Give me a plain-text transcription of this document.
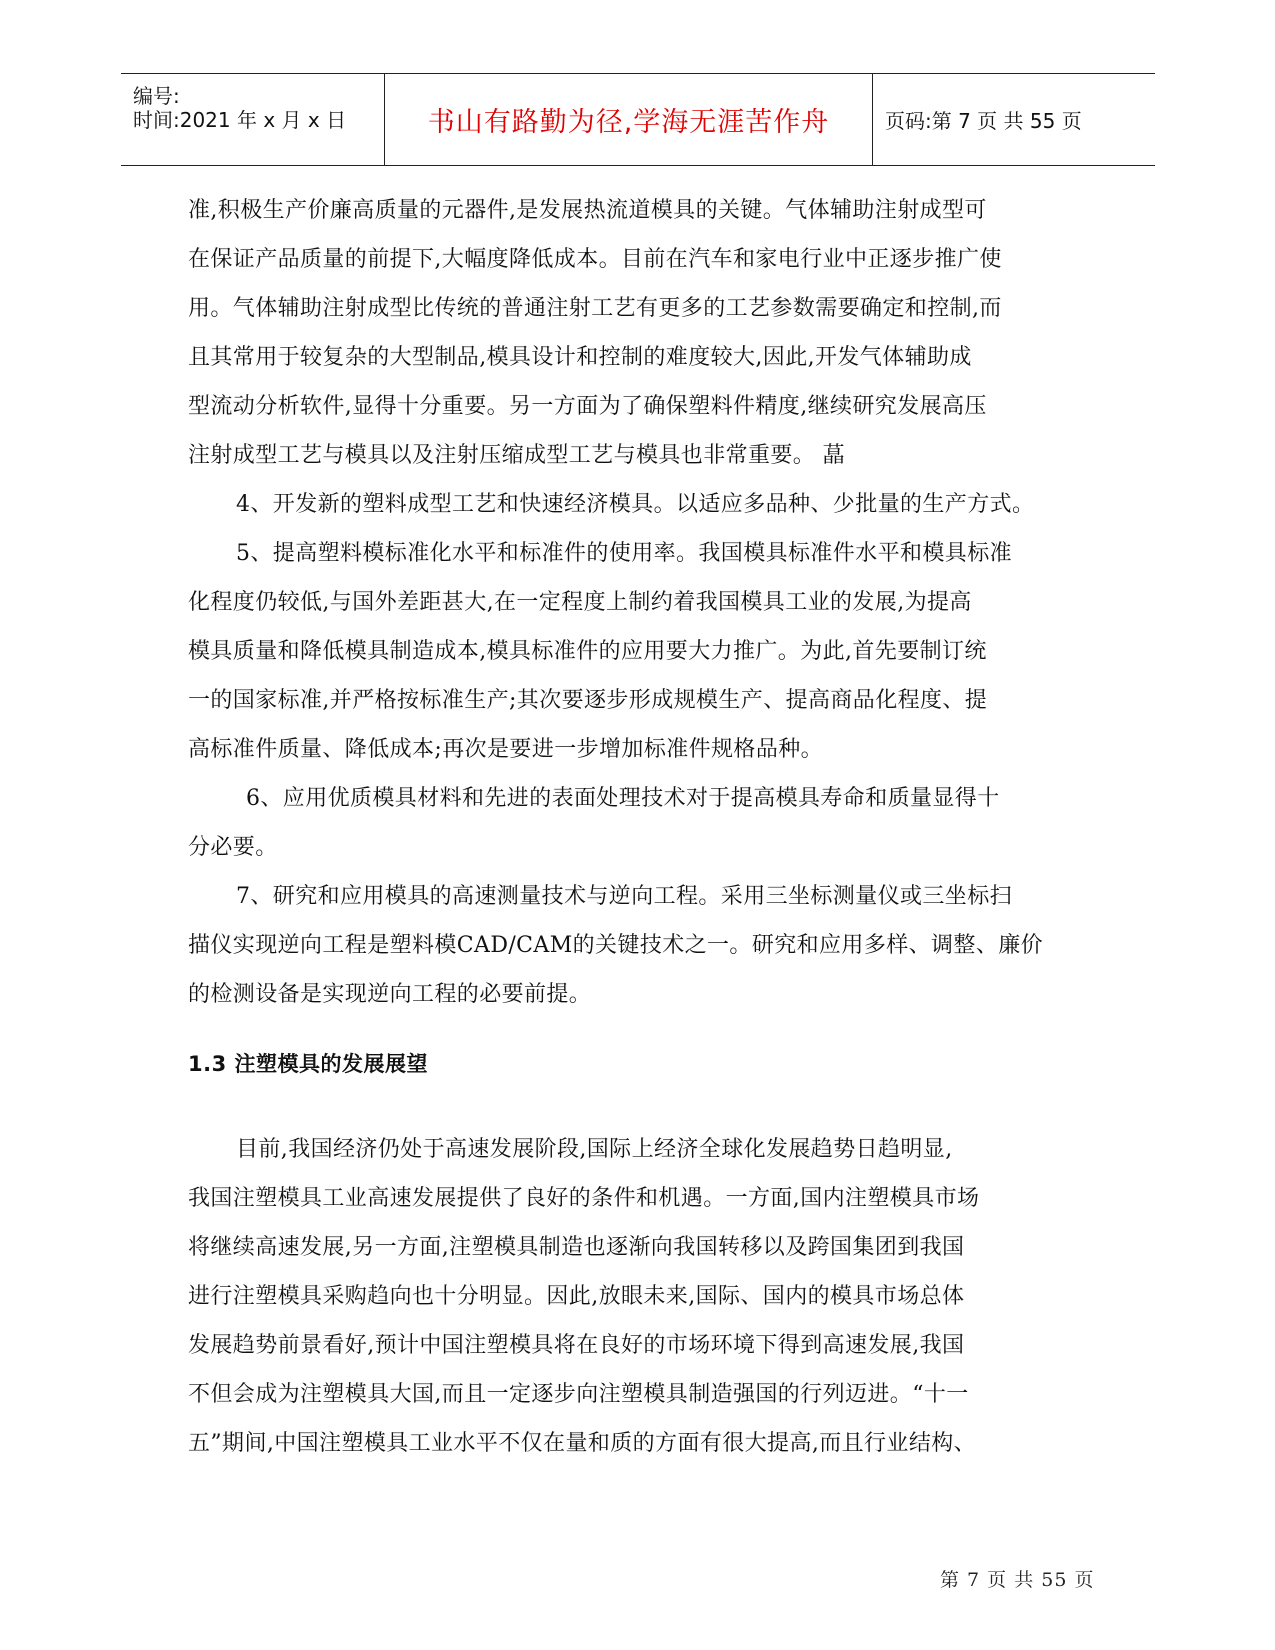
编号:
时间:2021 年 x 月 x 日	书山有路勤为径,学海无涯苦作舟	页码:第 7 页 共 55 页

准,积极生产价廉高质量的元器件,是发展热流道模具的关键。气体辅助注射成型可

在保证产品质量的前提下,大幅度降低成本。目前在汽车和家电行业中正逐步推广使

用。气体辅助注射成型比传统的普通注射工艺有更多的工艺参数需要确定和控制,而

且其常用于较复杂的大型制品,模具设计和控制的难度较大,因此,开发气体辅助成

型流动分析软件,显得十分重要。另一方面为了确保塑料件精度,继续研究发展高压

注射成型工艺与模具以及注射压缩成型工艺与模具也非常重要。 蕌

4、开发新的塑料成型工艺和快速经济模具。以适应多品种、少批量的生产方式。

5、提高塑料模标准化水平和标准件的使用率。我国模具标准件水平和模具标准

化程度仍较低,与国外差距甚大,在一定程度上制约着我国模具工业的发展,为提高

模具质量和降低模具制造成本,模具标准件的应用要大力推广。为此,首先要制订统

一的国家标准,并严格按标准生产;其次要逐步形成规模生产、提高商品化程度、提

高标准件质量、降低成本;再次是要进一步增加标准件规格品种。

6、应用优质模具材料和先进的表面处理技术对于提高模具寿命和质量显得十

分必要。

7、研究和应用模具的高速测量技术与逆向工程。采用三坐标测量仪或三坐标扫

描仪实现逆向工程是塑料模CAD/CAM的关键技术之一。研究和应用多样、调整、廉价

的检测设备是实现逆向工程的必要前提。

1.3 注塑模具的发展展望

目前,我国经济仍处于高速发展阶段,国际上经济全球化发展趋势日趋明显,

我国注塑模具工业高速发展提供了良好的条件和机遇。一方面,国内注塑模具市场

将继续高速发展,另一方面,注塑模具制造也逐渐向我国转移以及跨国集团到我国

进行注塑模具采购趋向也十分明显。因此,放眼未来,国际、国内的模具市场总体

发展趋势前景看好,预计中国注塑模具将在良好的市场环境下得到高速发展,我国

不但会成为注塑模具大国,而且一定逐步向注塑模具制造强国的行列迈进。“十一

五”期间,中国注塑模具工业水平不仅在量和质的方面有很大提高,而且行业结构、

第 7 页 共 55 页
